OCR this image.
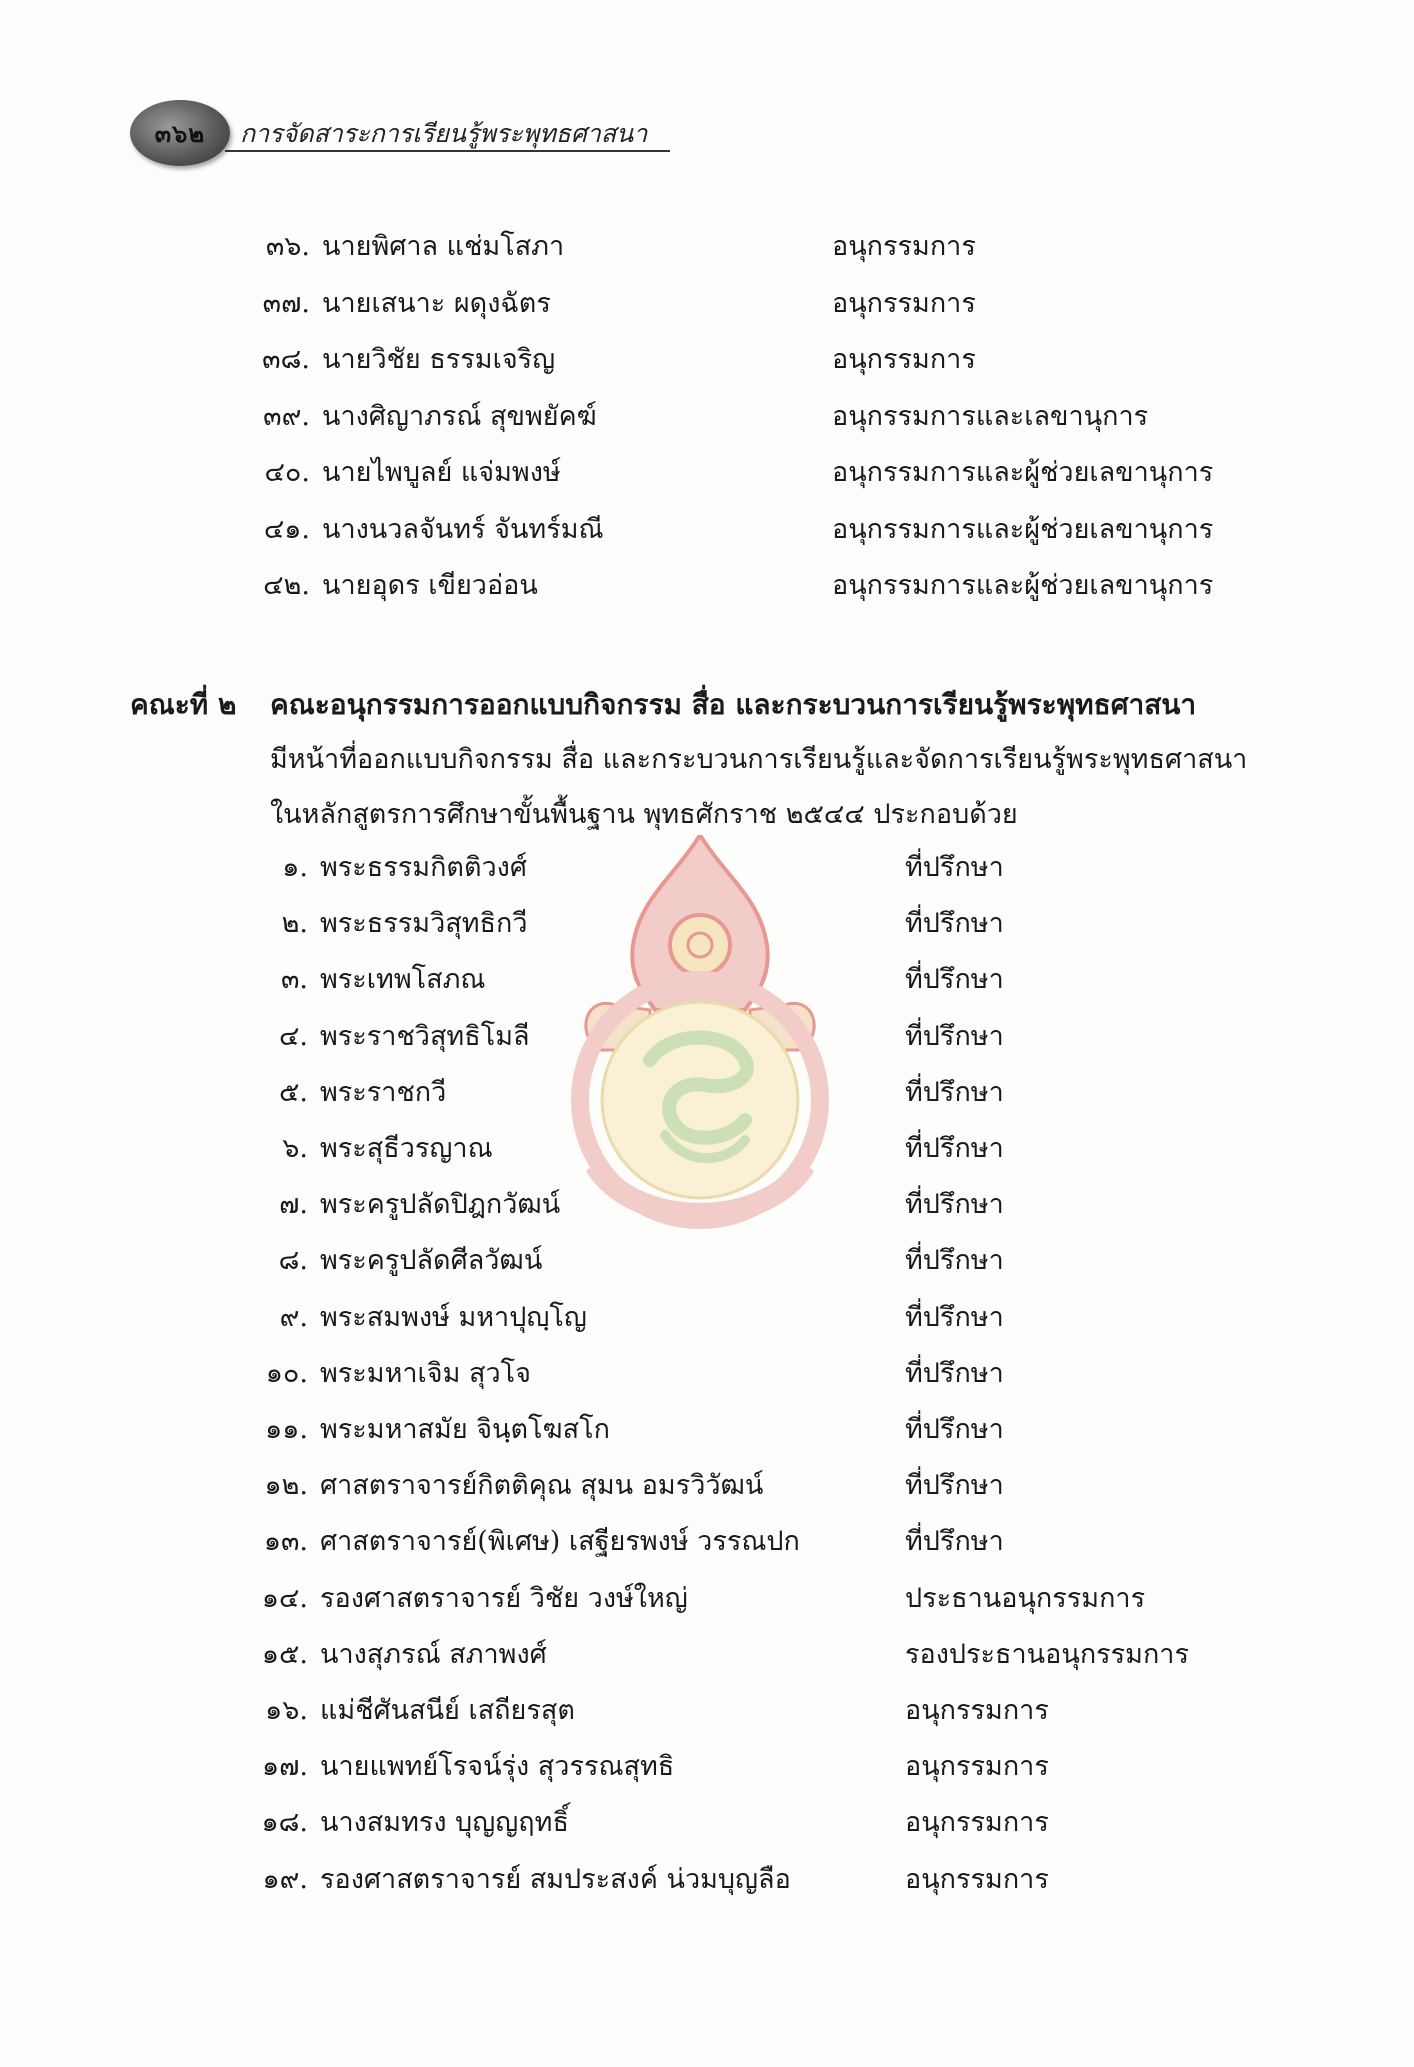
๓๖๒ การจัดสาระการเรียนรู้พระพุทธศาสนา
๓๖. นายพิศาล แช่มโสภา	อนุกรรมการ
๓๗. นายเสนาะ ผดุงฉัตร	อนุกรรมการ
๓๘. นายวิชัย ธรรมเจริญ	อนุกรรมการ
๓๙. นางศิญาภรณ์ สุขพยัคฆ์	อนุกรรมการและเลขานุการ
๔๐. นายไพบูลย์ แจ่มพงษ์	อนุกรรมการและผู้ช่วยเลขานุการ
๔๑. นางนวลจันทร์ จันทร์มณี	อนุกรรมการและผู้ช่วยเลขานุการ
๔๒. นายอุดร เขียวอ่อน	อนุกรรมการและผู้ช่วยเลขานุการ
คณะที่ ๒ คณะอนุกรรมการออกแบบกิจกรรม สื่อ และกระบวนการเรียนรู้พระพุทธศาสนา
มีหน้าที่ออกแบบกิจกรรม สื่อ และกระบวนการเรียนรู้และจัดการเรียนรู้พระพุทธศาสนา
ในหลักสูตรการศึกษาขั้นพื้นฐาน พุทธศักราช ๒๕๔๔ ประกอบด้วย
๑. พระธรรมกิตติวงศ์	ที่ปรึกษา
๒. พระธรรมวิสุทธิกวี	ที่ปรึกษา
๓. พระเทพโสภณ	ที่ปรึกษา
๔. พระราชวิสุทธิโมลี	ที่ปรึกษา
๕. พระราชกวี	ที่ปรึกษา
๖. พระสุธีวรญาณ	ที่ปรึกษา
๗. พระครูปลัดปิฎกวัฒน์	ที่ปรึกษา
๘. พระครูปลัดศีลวัฒน์	ที่ปรึกษา
๙. พระสมพงษ์ มหาปุญฺโญ	ที่ปรึกษา
๑๐. พระมหาเจิม สุวโจ	ที่ปรึกษา
๑๑. พระมหาสมัย จินฺตโฆสโก	ที่ปรึกษา
๑๒. ศาสตราจารย์กิตติคุณ สุมน อมรวิวัฒน์	ที่ปรึกษา
๑๓. ศาสตราจารย์(พิเศษ) เสฐียรพงษ์ วรรณปก	ที่ปรึกษา
๑๔. รองศาสตราจารย์ วิชัย วงษ์ใหญ่	ประธานอนุกรรมการ
๑๕. นางสุภรณ์ สภาพงศ์	รองประธานอนุกรรมการ
๑๖. แม่ชีศันสนีย์ เสถียรสุต	อนุกรรมการ
๑๗. นายแพทย์โรจน์รุ่ง สุวรรณสุทธิ	อนุกรรมการ
๑๘. นางสมทรง บุญญฤทธิ์	อนุกรรมการ
๑๙. รองศาสตราจารย์ สมประสงค์ น่วมบุญลือ	อนุกรรมการ
